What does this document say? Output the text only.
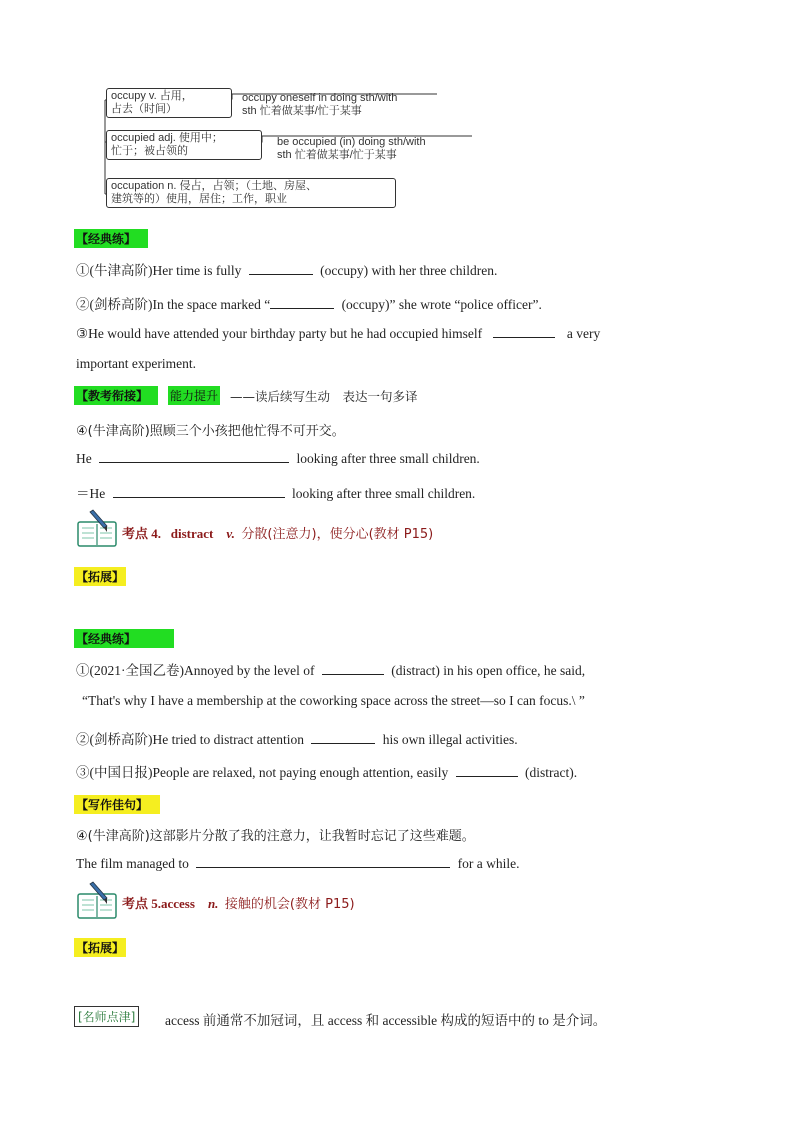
occupy v. 占用，
占去（时间）
occupy oneself in doing sth/with
sth 忙着做某事/忙于某事
occupied adj. 使用中；
忙于；被占领的
be occupied (in) doing sth/with
sth 忙着做某事/忙于某事
occupation n. 侵占，占领；（土地、房屋、
建筑等的）使用，居住；工作，职业
【经典练】
①(牛津高阶)Her time is fully	(occupy) with her three children.
②(剑桥高阶)In the space marked “	(occupy)” she wrote “police officer”.
③He would have attended your birthday party but he had occupied himself	a very
important experiment.
【教考衔接】	能力提升 ——读后续写生动　表达一句多译
④(牛津高阶)照顾三个小孩把他忙得不可开交。
He	looking after three small children.
＝He	looking after three small children.
考点 4. distract v. 分散(注意力)，使分心(教材 P15)
【拓展】
【经典练】
①(2021·全国乙卷)Annoyed by the level of	(distract) in his open office, he said,
“That's why I have a membership at the coworking space across the street—so I can focus.\ ”
②(剑桥高阶)He tried to distract attention	his own illegal activities.
③(中国日报)People are relaxed, not paying enough attention, easily	(distract).
【写作佳句】
④(牛津高阶)这部影片分散了我的注意力，让我暂时忘记了这些难题。
The film managed to	for a while.
考点 5.access n. 接触的机会(教材 P15)
【拓展】
[名师点津] access 前通常不加冠词，且 access 和 accessible 构成的短语中的 to 是介词。
